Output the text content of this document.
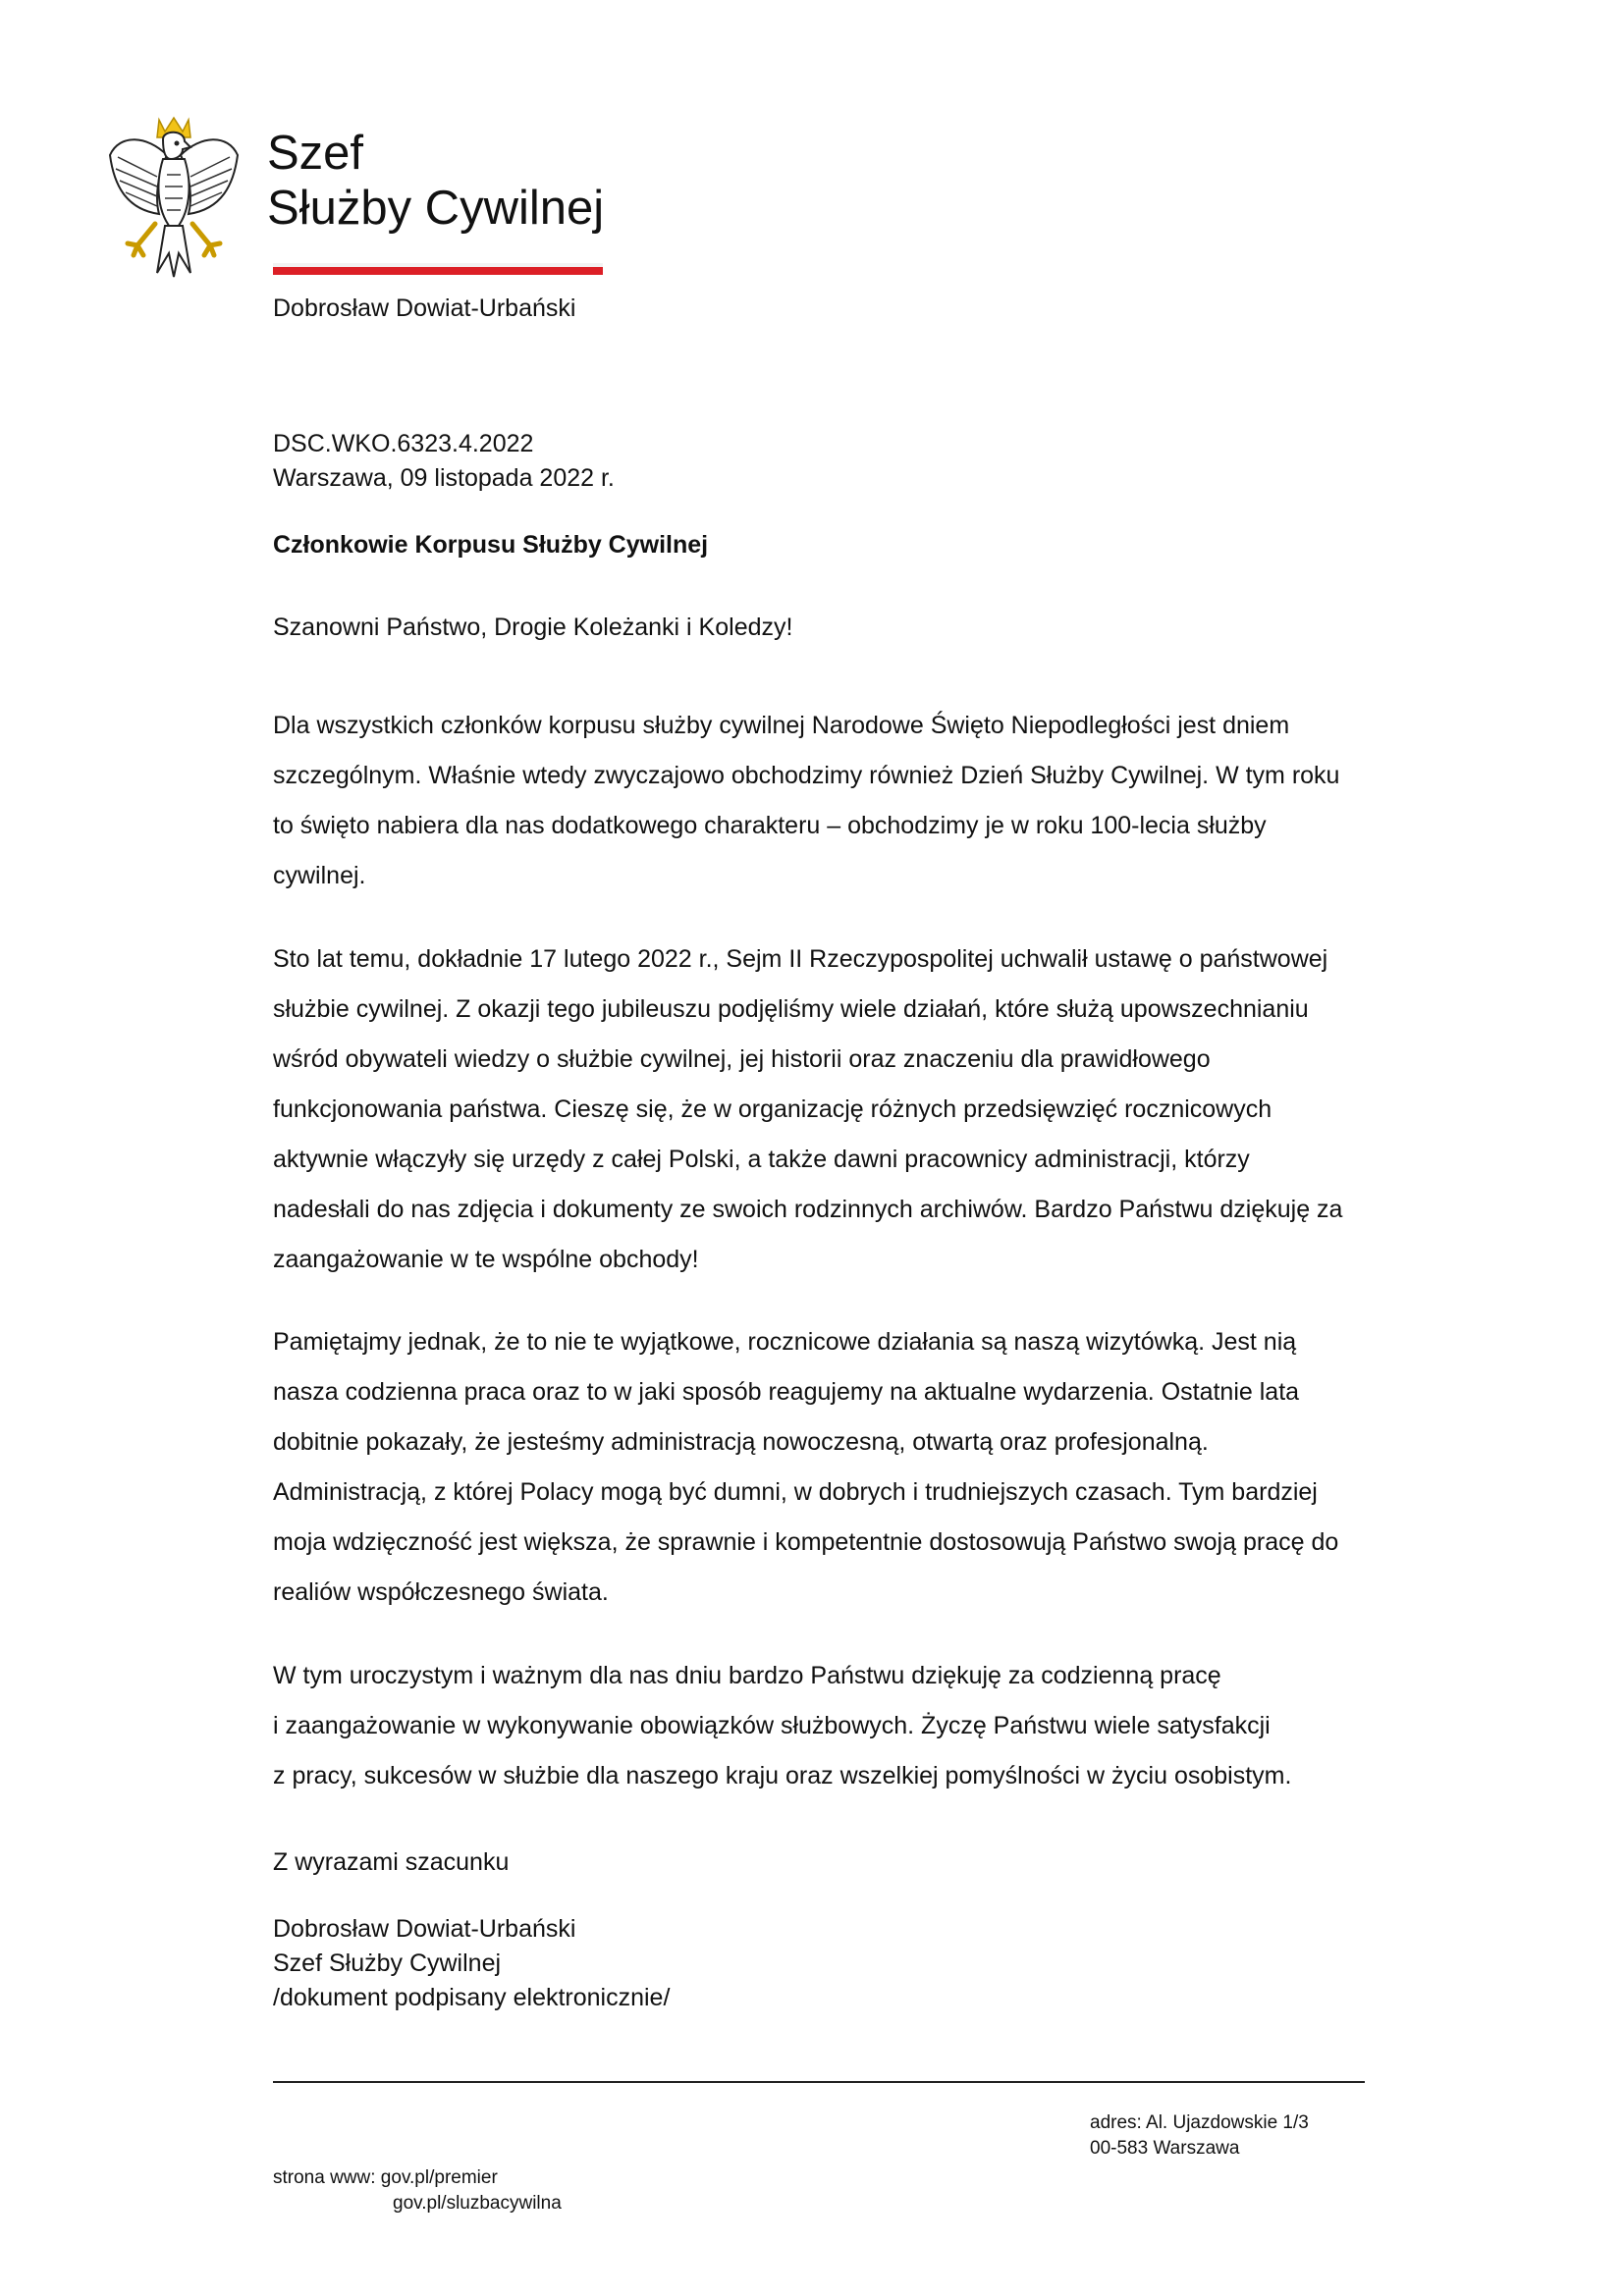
Szef
Służby Cywilnej
Dobrosław Dowiat-Urbański
DSC.WKO.6323.4.2022
Warszawa, 09 listopada 2022 r.
Członkowie Korpusu Służby Cywilnej
Szanowni Państwo, Drogie Koleżanki i Koledzy!
Dla wszystkich członków korpusu służby cywilnej Narodowe Święto Niepodległości jest dniem
szczególnym. Właśnie wtedy zwyczajowo obchodzimy również Dzień Służby Cywilnej. W tym roku
to święto nabiera dla nas dodatkowego charakteru – obchodzimy je w roku 100-lecia służby
cywilnej.
Sto lat temu, dokładnie 17 lutego 2022 r., Sejm II Rzeczypospolitej uchwalił ustawę o państwowej
służbie cywilnej. Z okazji tego jubileuszu podjęliśmy wiele działań, które służą upowszechnianiu
wśród obywateli wiedzy o służbie cywilnej, jej historii oraz znaczeniu dla prawidłowego
funkcjonowania państwa. Cieszę się, że w organizację różnych przedsięwzięć rocznicowych
aktywnie włączyły się urzędy z całej Polski, a także dawni pracownicy administracji, którzy
nadesłali do nas zdjęcia i dokumenty ze swoich rodzinnych archiwów. Bardzo Państwu dziękuję za
zaangażowanie w te wspólne obchody!
Pamiętajmy jednak, że to nie te wyjątkowe, rocznicowe działania są naszą wizytówką. Jest nią
nasza codzienna praca oraz to w jaki sposób reagujemy na aktualne wydarzenia. Ostatnie lata
dobitnie pokazały, że jesteśmy administracją nowoczesną, otwartą oraz profesjonalną.
Administracją, z której Polacy mogą być dumni, w dobrych i trudniejszych czasach. Tym bardziej
moja wdzięczność jest większa, że sprawnie i kompetentnie dostosowują Państwo swoją pracę do
realiów współczesnego świata.
W tym uroczystym i ważnym dla nas dniu bardzo Państwu dziękuję za codzienną pracę
i zaangażowanie w wykonywanie obowiązków służbowych. Życzę Państwu wiele satysfakcji
z pracy, sukcesów w służbie dla naszego kraju oraz wszelkiej pomyślności w życiu osobistym.
Z wyrazami szacunku
Dobrosław Dowiat-Urbański
Szef Służby Cywilnej
/dokument podpisany elektronicznie/
adres: Al. Ujazdowskie 1/3
00-583 Warszawa
strona www: gov.pl/premier
gov.pl/sluzbacywilna
